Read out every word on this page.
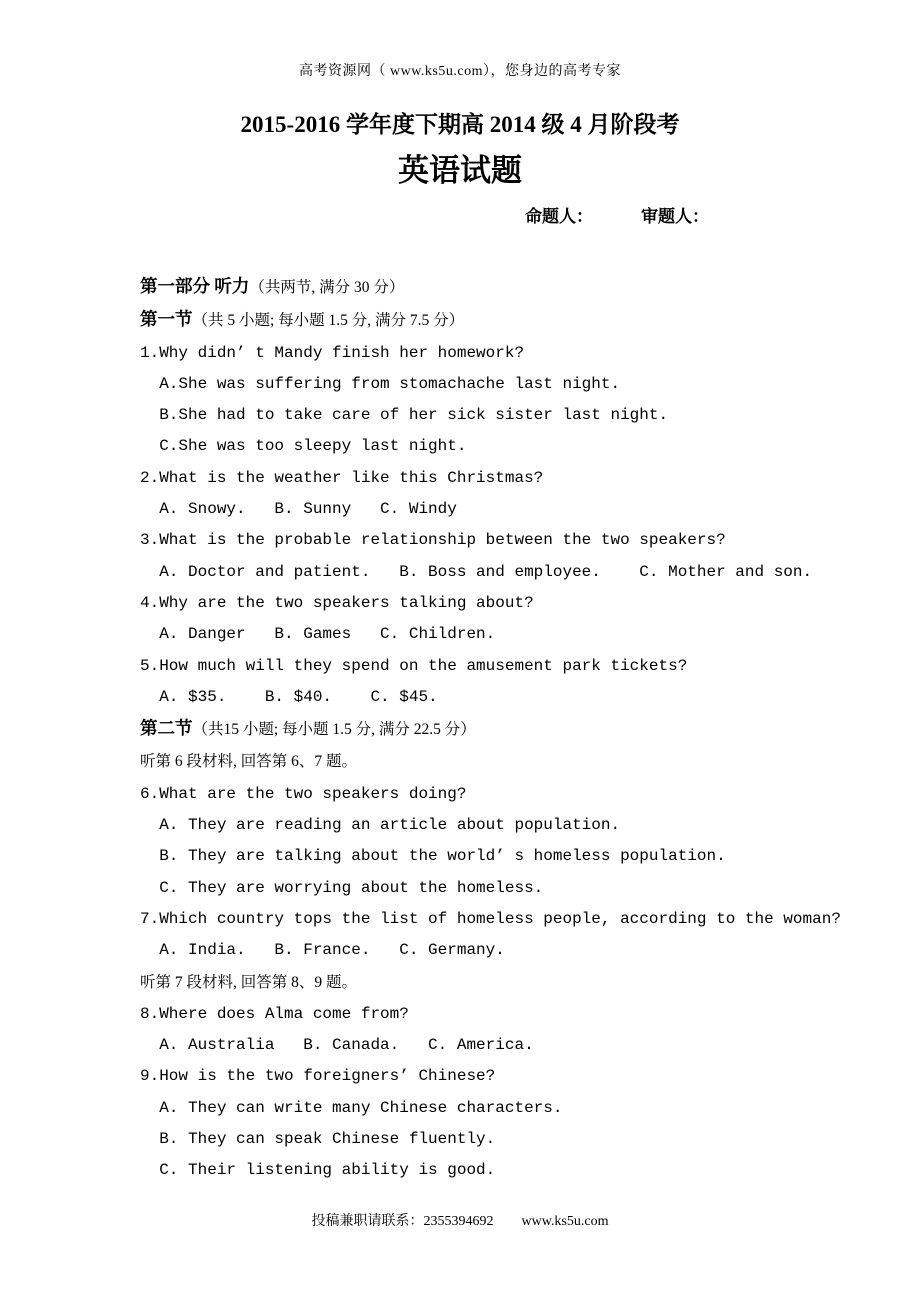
高考资源网（ www.ks5u.com），您身边的高考专家
2015-2016 学年度下期高 2014 级 4 月阶段考
英语试题
命题人：	审题人：
第一部分 听力（共两节, 满分 30 分）
第一节（共 5 小题; 每小题 1.5 分, 满分 7.5 分）
1.Why didn’ t Mandy finish her homework?
A.She was suffering from stomachache last night.
B.She had to take care of her sick sister last night.
C.She was too sleepy last night.
2.What is the weather like this Christmas?
A. Snowy.   B. Sunny   C. Windy
3.What is the probable relationship between the two speakers?
A. Doctor and patient.   B. Boss and employee.    C. Mother and son.
4.Why are the two speakers talking about?
A. Danger   B. Games   C. Children.
5.How much will they spend on the amusement park tickets?
A. $35.    B. $40.    C. $45.
第二节（共15 小题; 每小题 1.5 分, 满分 22.5 分）
听第 6 段材料, 回答第 6、7 题。
6.What are the two speakers doing?
A. They are reading an article about population.
B. They are talking about the world’ s homeless population.
C. They are worrying about the homeless.
7.Which country tops the list of homeless people, according to the woman?
A. India.   B. France.   C. Germany.
听第 7 段材料, 回答第 8、9 题。
8.Where does Alma come from?
A. Australia   B. Canada.   C. America.
9.How is the two foreigners’ Chinese?
A. They can write many Chinese characters.
B. They can speak Chinese fluently.
C. Their listening ability is good.
投稿兼职请联系：2355394692 www.ks5u.com
